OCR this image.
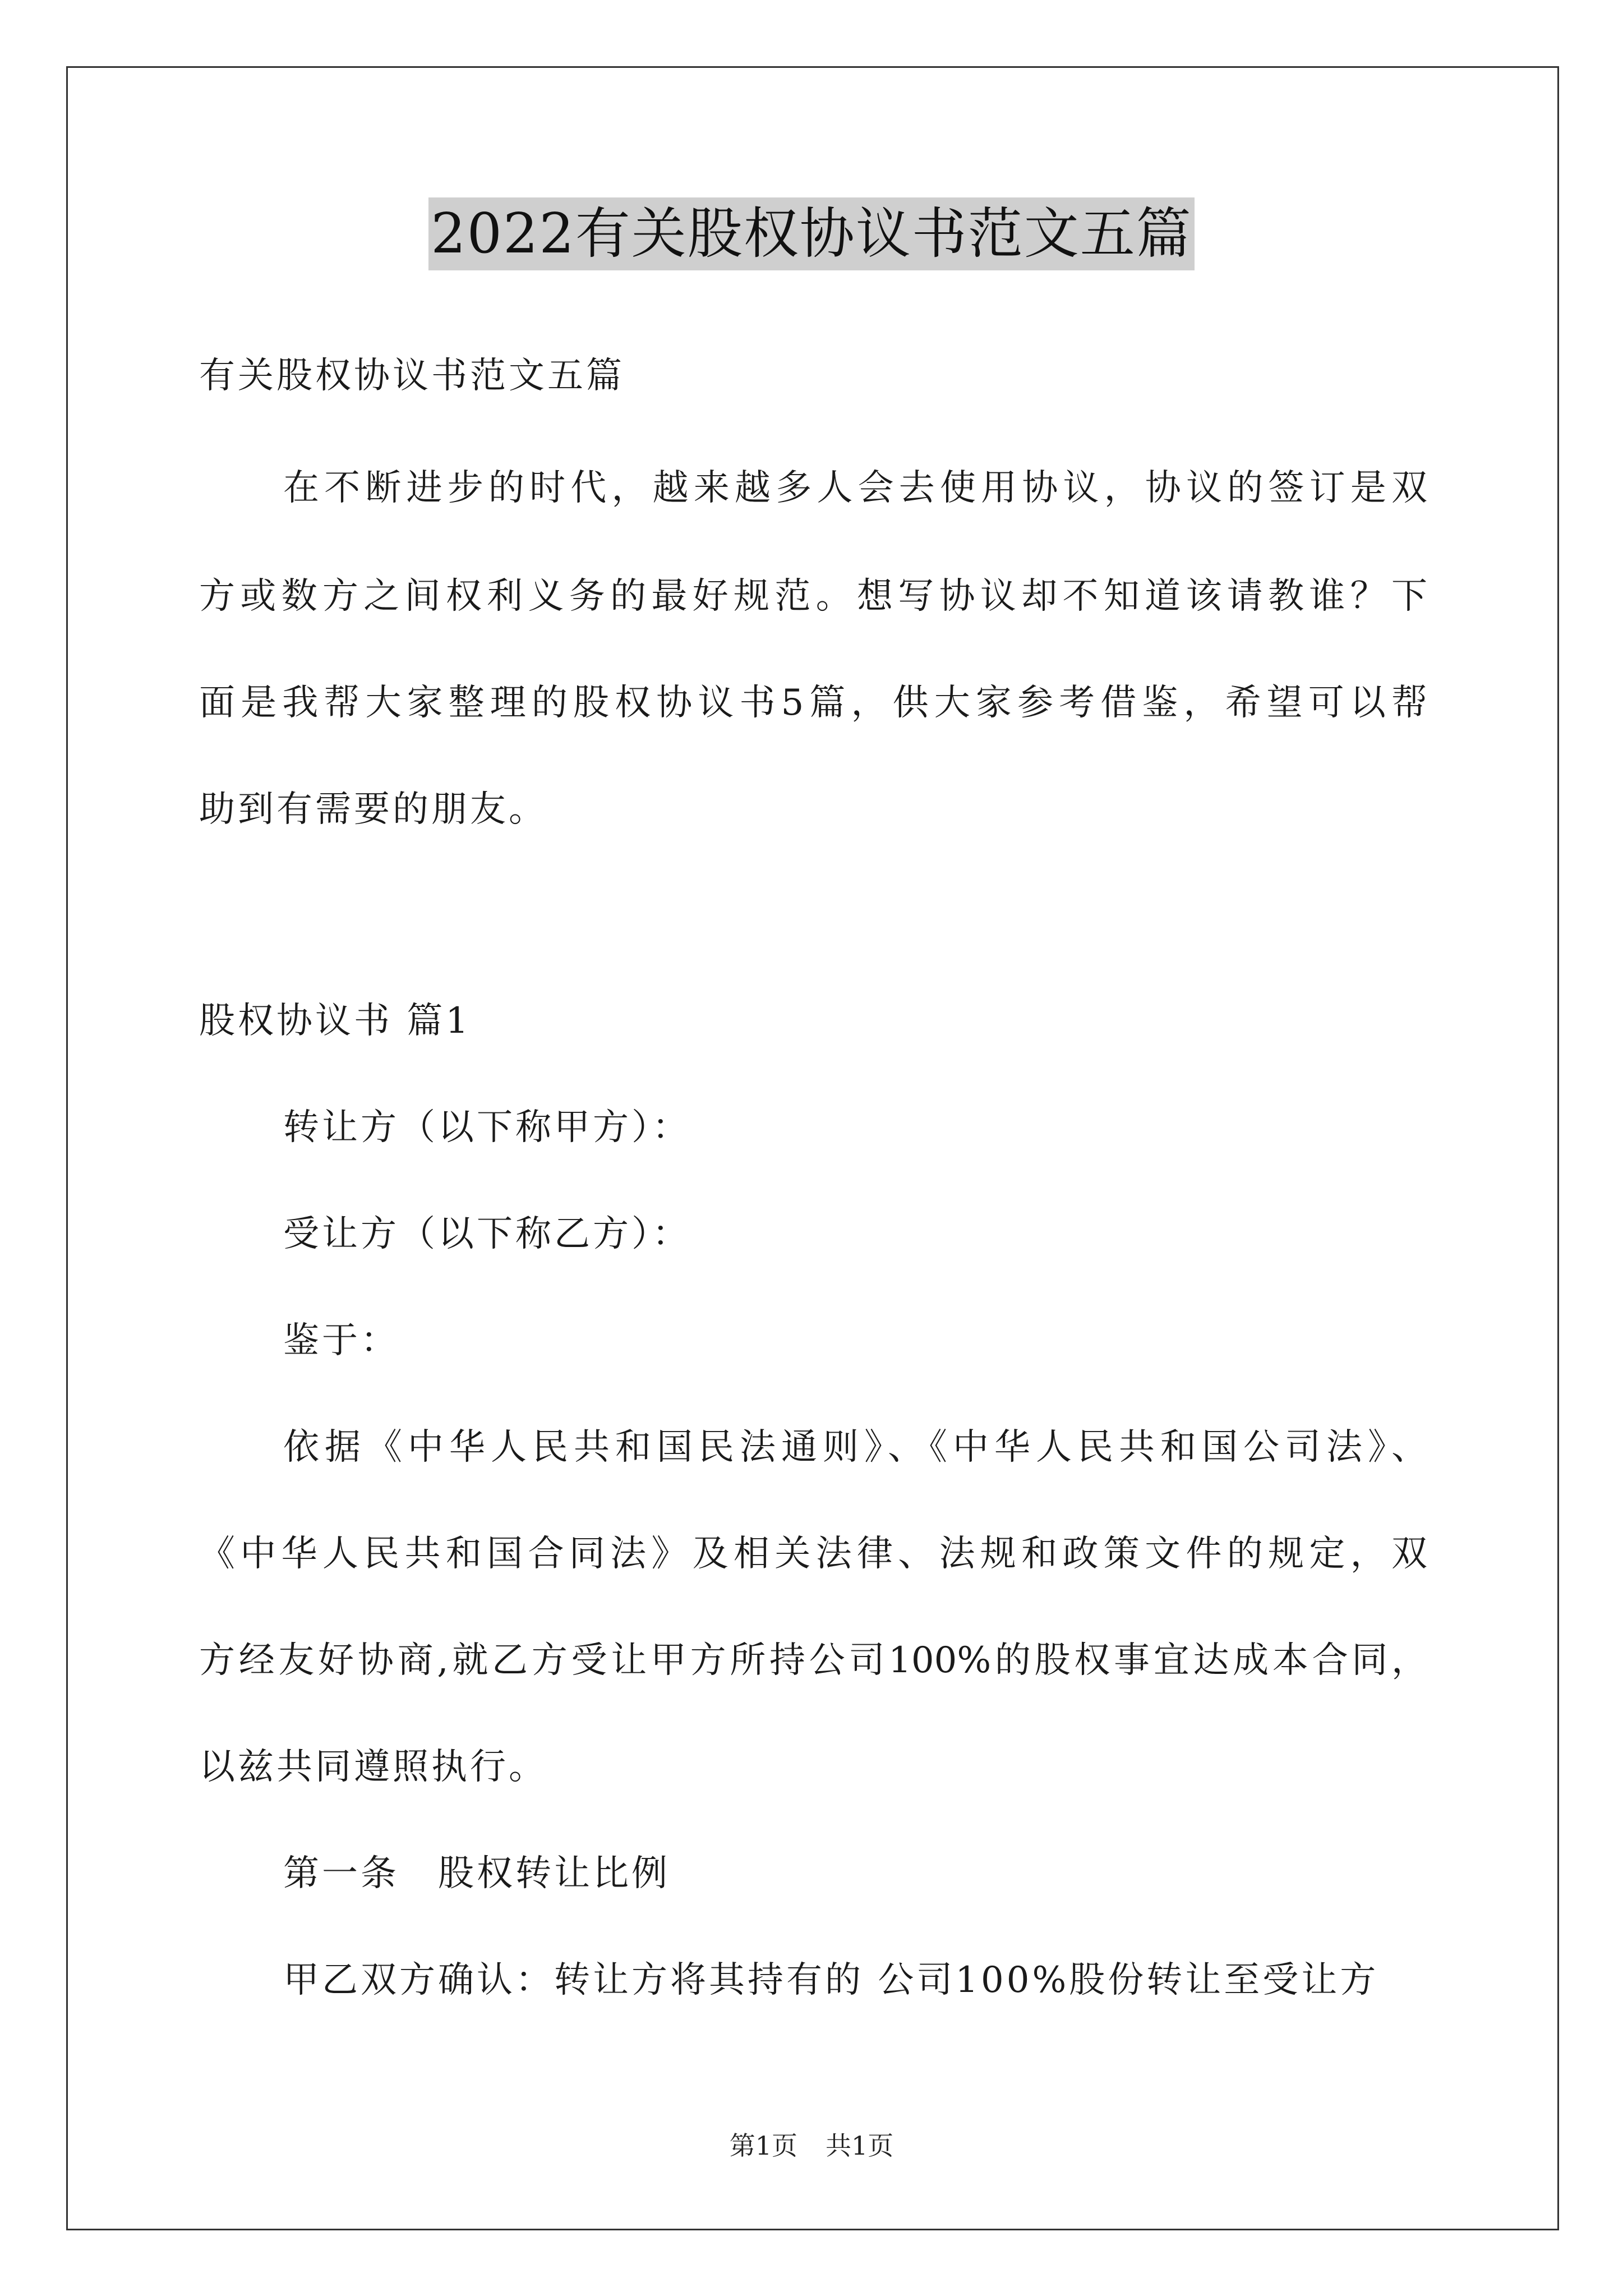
2022有关股权协议书范文五篇
有关股权协议书范文五篇
在不断进步的时代，越来越多人会去使用协议，协议的签订是双
方或数方之间权利义务的最好规范。想写协议却不知道该请教谁？下
面是我帮大家整理的股权协议书5篇，供大家参考借鉴，希望可以帮
助到有需要的朋友。
股权协议书 篇1
转让方（以下称甲方）：
受让方（以下称乙方）：
鉴于：
依据《中华人民共和国民法通则》、《中华人民共和国公司法》、
《中华人民共和国合同法》及相关法律、法规和政策文件的规定，双
方经友好协商,就乙方受让甲方所持公司100%的股权事宜达成本合同，
以兹共同遵照执行。
第一条　股权转让比例
甲乙双方确认：转让方将其持有的 公司100%股份转让至受让方
第1页 共1页
